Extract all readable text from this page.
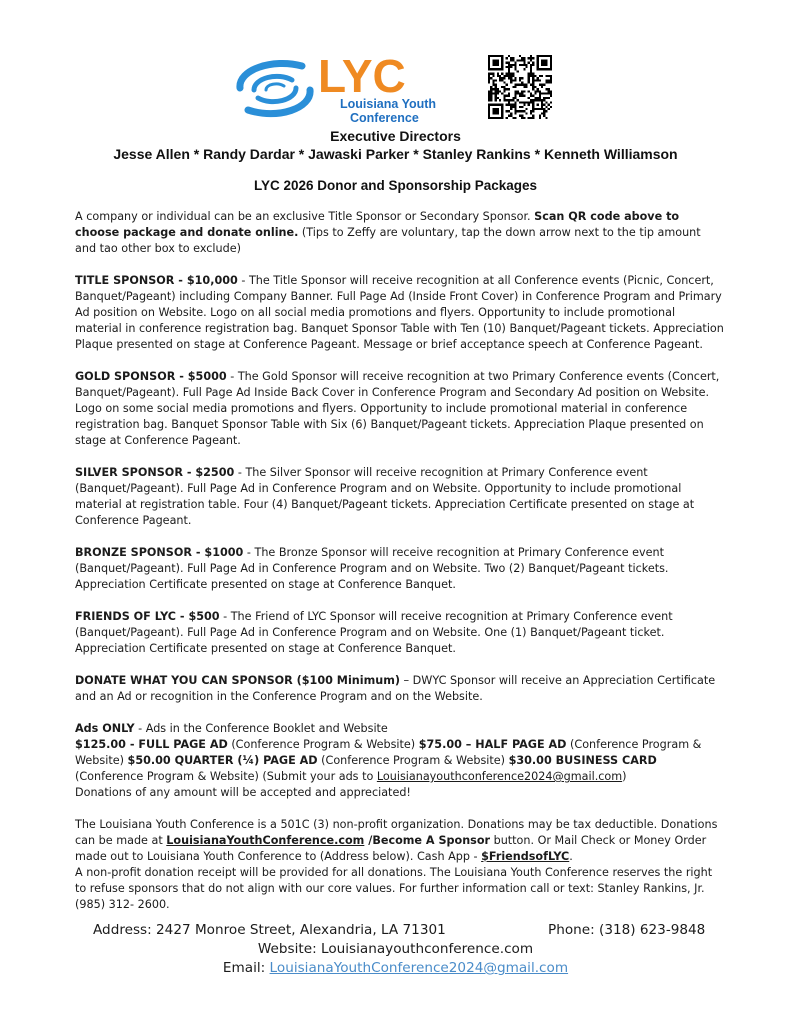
LYC
Louisiana Youth
Conference
Executive Directors
Jesse Allen * Randy Dardar * Jawaski Parker * Stanley Rankins * Kenneth Williamson
LYC 2026 Donor and Sponsorship Packages

A company or individual can be an exclusive Title Sponsor or Secondary Sponsor. Scan QR code above to choose package and donate online. (Tips to Zeffy are voluntary, tap the down arrow next to the tip amount and tao other box to exclude)

TITLE SPONSOR - $10,000 - The Title Sponsor will receive recognition at all Conference events (Picnic, Concert, Banquet/Pageant) including Company Banner. Full Page Ad (Inside Front Cover) in Conference Program and Primary Ad position on Website. Logo on all social media promotions and flyers. Opportunity to include promotional material in conference registration bag. Banquet Sponsor Table with Ten (10) Banquet/Pageant tickets. Appreciation Plaque presented on stage at Conference Pageant. Message or brief acceptance speech at Conference Pageant.

GOLD SPONSOR - $5000 - The Gold Sponsor will receive recognition at two Primary Conference events (Concert, Banquet/Pageant). Full Page Ad Inside Back Cover in Conference Program and Secondary Ad position on Website. Logo on some social media promotions and flyers. Opportunity to include promotional material in conference registration bag. Banquet Sponsor Table with Six (6) Banquet/Pageant tickets. Appreciation Plaque presented on stage at Conference Pageant.

SILVER SPONSOR - $2500 - The Silver Sponsor will receive recognition at Primary Conference event (Banquet/Pageant). Full Page Ad in Conference Program and on Website. Opportunity to include promotional material at registration table. Four (4) Banquet/Pageant tickets. Appreciation Certificate presented on stage at Conference Pageant.

BRONZE SPONSOR - $1000 - The Bronze Sponsor will receive recognition at Primary Conference event (Banquet/Pageant). Full Page Ad in Conference Program and on Website. Two (2) Banquet/Pageant tickets. Appreciation Certificate presented on stage at Conference Banquet.

FRIENDS OF LYC - $500 - The Friend of LYC Sponsor will receive recognition at Primary Conference event (Banquet/Pageant). Full Page Ad in Conference Program and on Website. One (1) Banquet/Pageant ticket. Appreciation Certificate presented on stage at Conference Banquet.

DONATE WHAT YOU CAN SPONSOR ($100 Minimum) – DWYC Sponsor will receive an Appreciation Certificate and an Ad or recognition in the Conference Program and on the Website.

Ads ONLY - Ads in the Conference Booklet and Website

$125.00 - FULL PAGE AD (Conference Program & Website) $75.00 – HALF PAGE AD (Conference Program & Website) $50.00 QUARTER (¼) PAGE AD (Conference Program & Website) $30.00 BUSINESS CARD (Conference Program & Website) (Submit your ads to Louisianayouthconference2024@gmail.com)

Donations of any amount will be accepted and appreciated!

The Louisiana Youth Conference is a 501C (3) non-profit organization. Donations may be tax deductible. Donations can be made at LouisianaYouthConference.com /Become A Sponsor button. Or Mail Check or Money Order made out to Louisiana Youth Conference to (Address below). Cash App - $FriendsofLYC.

A non-profit donation receipt will be provided for all donations. The Louisiana Youth Conference reserves the right to refuse sponsors that do not align with our core values. For further information call or text: Stanley Rankins, Jr. (985) 312- 2600.

Address: 2427 Monroe Street, Alexandria, LA 71301	Phone: (318) 623-9848
Website: Louisianayouthconference.com
Email: LouisianaYouthConference2024@gmail.com
